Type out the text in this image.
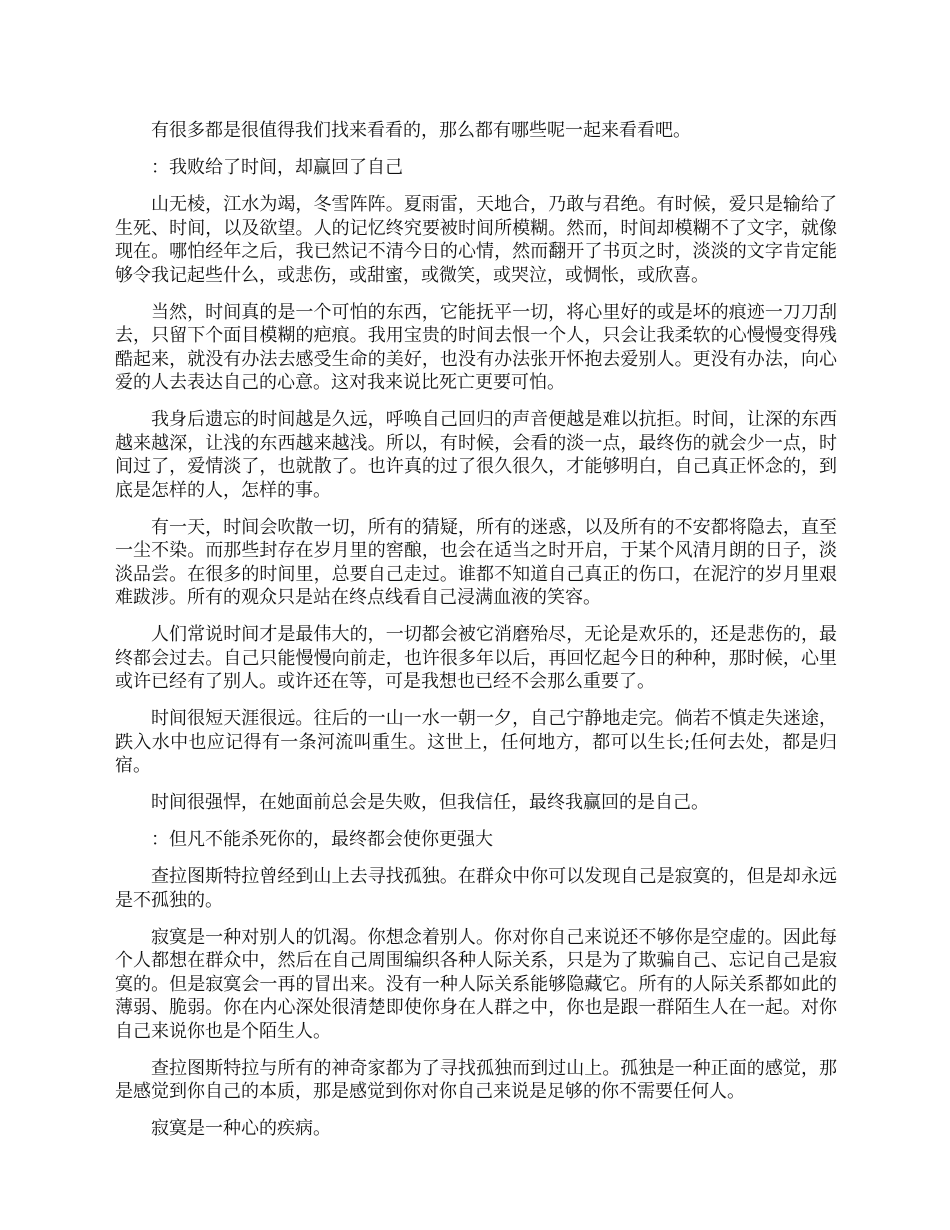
有很多都是很值得我们找来看看的，那么都有哪些呢一起来看看吧。

：我败给了时间，却赢回了自己

山无棱，江水为竭，冬雪阵阵。夏雨雷，天地合，乃敢与君绝。有时候，爱只是输给了生死、时间，以及欲望。人的记忆终究要被时间所模糊。然而，时间却模糊不了文字，就像现在。哪怕经年之后，我已然记不清今日的心情，然而翻开了书页之时，淡淡的文字肯定能够令我记起些什么，或悲伤，或甜蜜，或微笑，或哭泣，或惆怅，或欣喜。

当然，时间真的是一个可怕的东西，它能抚平一切，将心里好的或是坏的痕迹一刀刀刮去，只留下个面目模糊的疤痕。我用宝贵的时间去恨一个人，只会让我柔软的心慢慢变得残酷起来，就没有办法去感受生命的美好，也没有办法张开怀抱去爱别人。更没有办法，向心爱的人去表达自己的心意。这对我来说比死亡更要可怕。

我身后遗忘的时间越是久远，呼唤自己回归的声音便越是难以抗拒。时间，让深的东西越来越深，让浅的东西越来越浅。所以，有时候，会看的淡一点，最终伤的就会少一点，时间过了，爱情淡了，也就散了。也许真的过了很久很久，才能够明白，自己真正怀念的，到底是怎样的人，怎样的事。

有一天，时间会吹散一切，所有的猜疑，所有的迷惑，以及所有的不安都将隐去，直至一尘不染。而那些封存在岁月里的窖酿，也会在适当之时开启，于某个风清月朗的日子，淡淡品尝。在很多的时间里，总要自己走过。谁都不知道自己真正的伤口，在泥泞的岁月里艰难跋涉。所有的观众只是站在终点线看自己浸满血液的笑容。

人们常说时间才是最伟大的，一切都会被它消磨殆尽，无论是欢乐的，还是悲伤的，最终都会过去。自己只能慢慢向前走，也许很多年以后，再回忆起今日的种种，那时候，心里或许已经有了别人。或许还在等，可是我想也已经不会那么重要了。

时间很短天涯很远。往后的一山一水一朝一夕，自己宁静地走完。倘若不慎走失迷途，跌入水中也应记得有一条河流叫重生。这世上，任何地方，都可以生长;任何去处，都是归宿。

时间很强悍，在她面前总会是失败，但我信任，最终我赢回的是自己。

：但凡不能杀死你的，最终都会使你更强大

查拉图斯特拉曾经到山上去寻找孤独。在群众中你可以发现自己是寂寞的，但是却永远是不孤独的。

寂寞是一种对别人的饥渴。你想念着别人。你对你自己来说还不够你是空虚的。因此每个人都想在群众中，然后在自己周围编织各种人际关系，只是为了欺骗自己、忘记自己是寂寞的。但是寂寞会一再的冒出来。没有一种人际关系能够隐藏它。所有的人际关系都如此的薄弱、脆弱。你在内心深处很清楚即使你身在人群之中，你也是跟一群陌生人在一起。对你自己来说你也是个陌生人。

查拉图斯特拉与所有的神奇家都为了寻找孤独而到过山上。孤独是一种正面的感觉，那是感觉到你自己的本质，那是感觉到你对你自己来说是足够的你不需要任何人。

寂寞是一种心的疾病。
